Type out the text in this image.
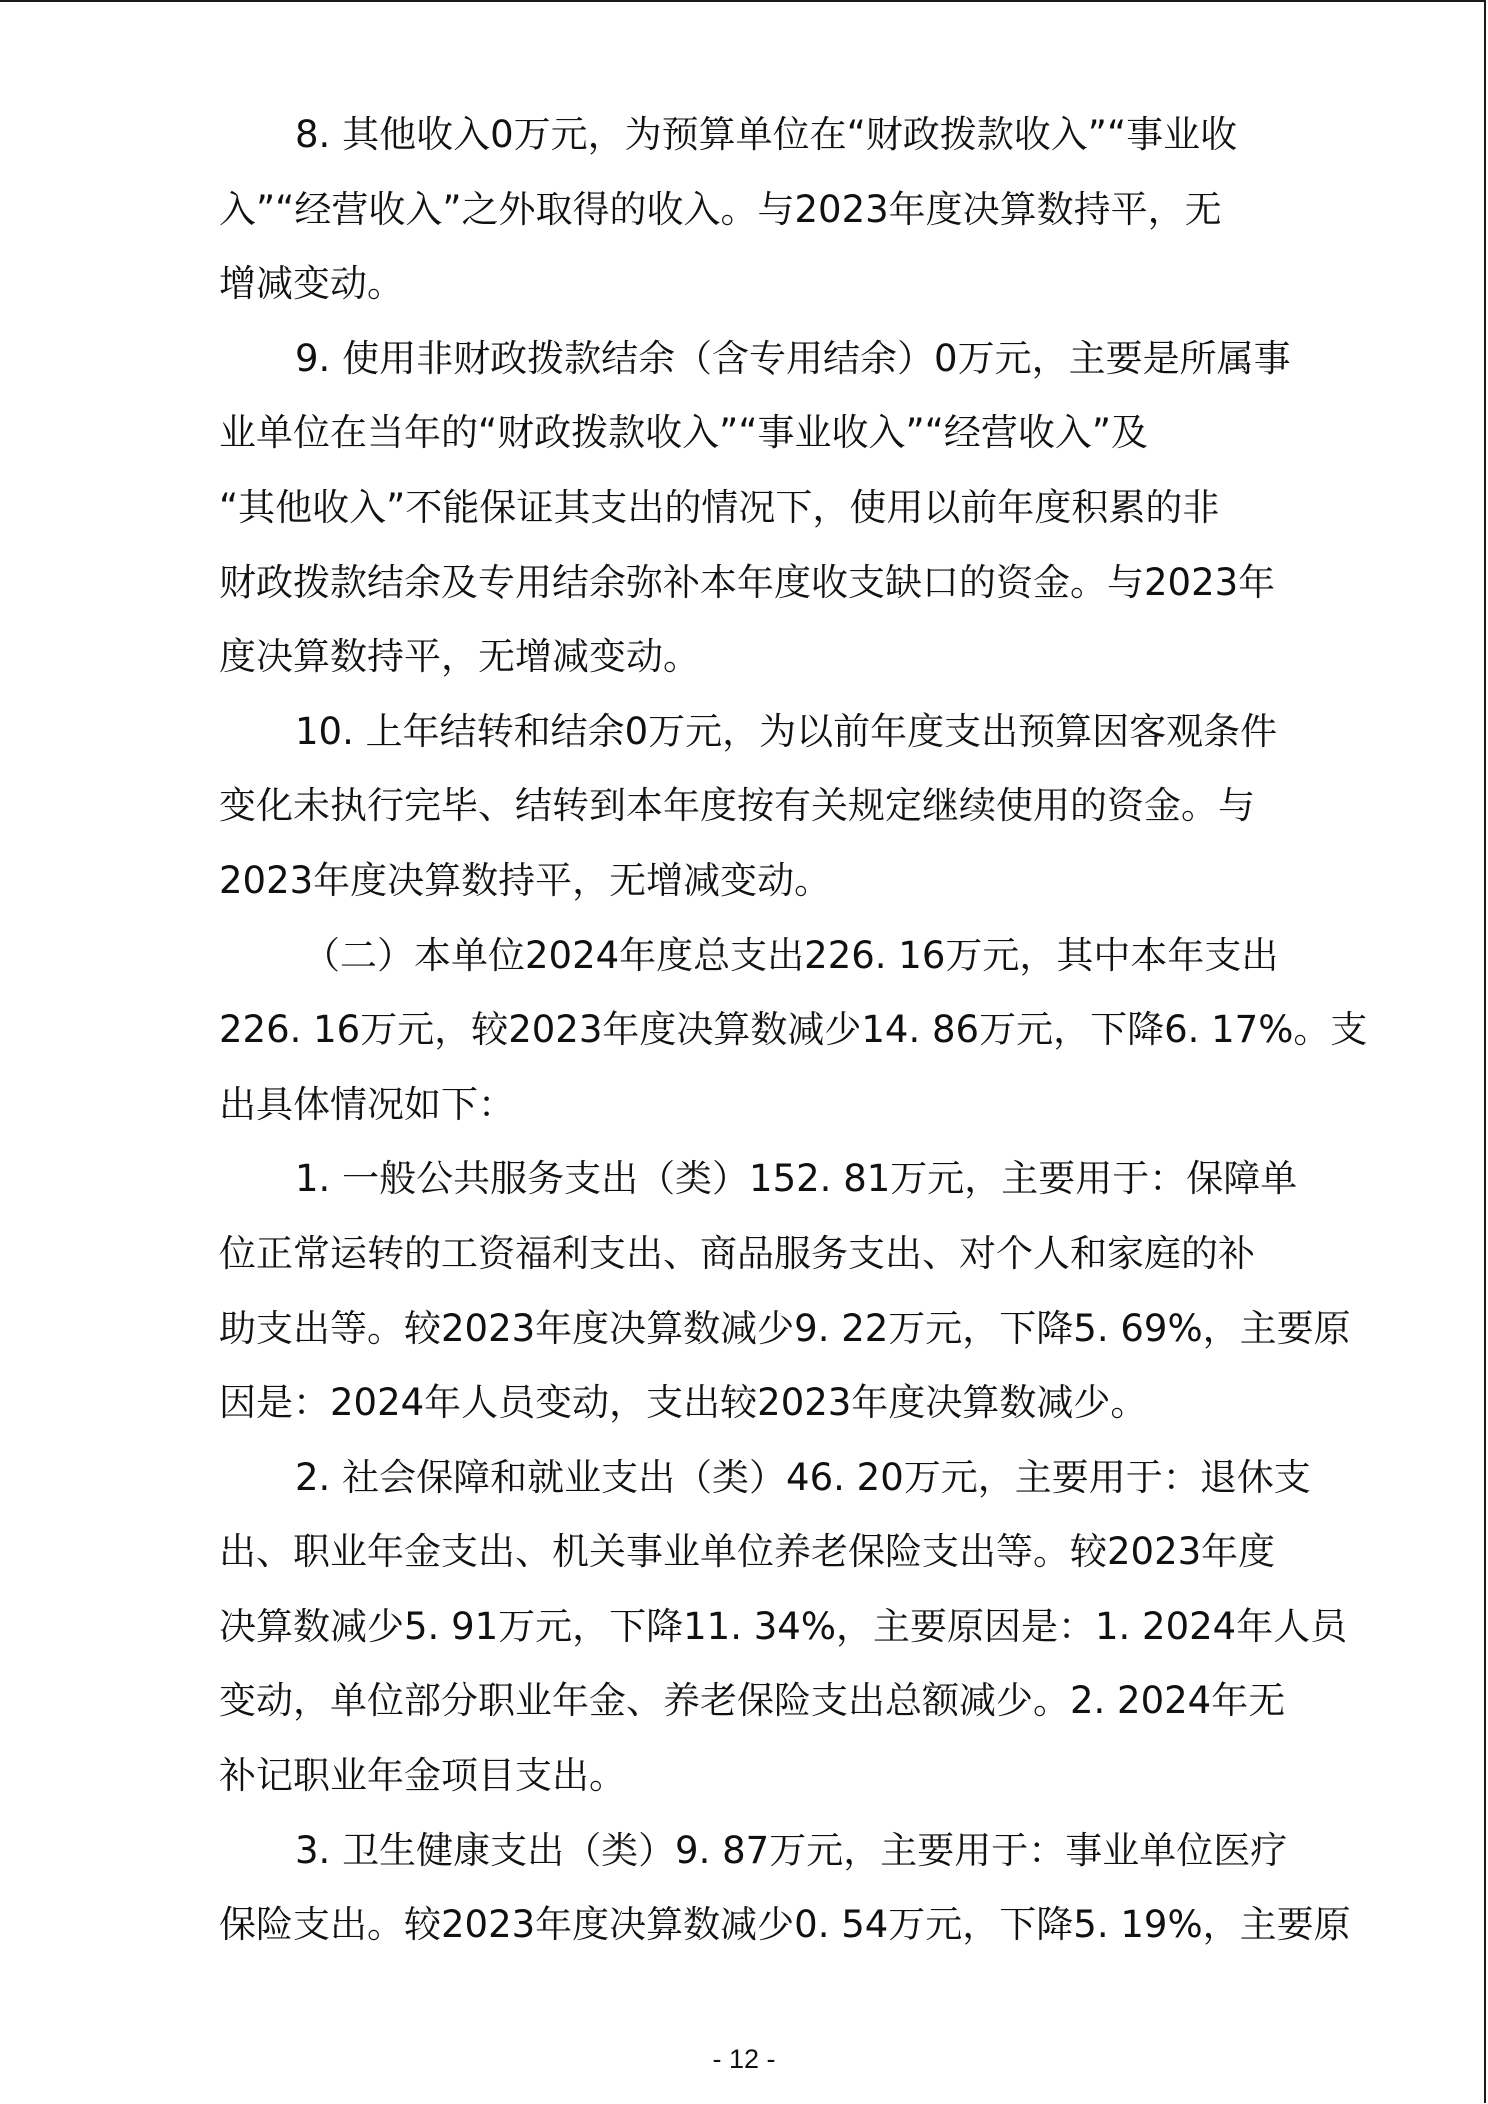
8. 其他收入0万元，为预算单位在“财政拨款收入”“事业收
入”“经营收入”之外取得的收入。与2023年度决算数持平，无
增减变动。

9. 使用非财政拨款结余（含专用结余）0万元，主要是所属事
业单位在当年的“财政拨款收入”“事业收入”“经营收入”及
“其他收入”不能保证其支出的情况下，使用以前年度积累的非
财政拨款结余及专用结余弥补本年度收支缺口的资金。与2023年
度决算数持平，无增减变动。

10. 上年结转和结余0万元，为以前年度支出预算因客观条件
变化未执行完毕、结转到本年度按有关规定继续使用的资金。与
2023年度决算数持平，无增减变动。

（二）本单位2024年度总支出226. 16万元，其中本年支出
226. 16万元，较2023年度决算数减少14. 86万元，下降6. 17%。支
出具体情况如下：

1. 一般公共服务支出（类）152. 81万元，主要用于：保障单
位正常运转的工资福利支出、商品服务支出、对个人和家庭的补
助支出等。较2023年度决算数减少9. 22万元，下降5. 69%，主要原
因是：2024年人员变动，支出较2023年度决算数减少。

2. 社会保障和就业支出（类）46. 20万元，主要用于：退休支
出、职业年金支出、机关事业单位养老保险支出等。较2023年度
决算数减少5. 91万元，下降11. 34%，主要原因是：1. 2024年人员
变动，单位部分职业年金、养老保险支出总额减少。2. 2024年无
补记职业年金项目支出。

3. 卫生健康支出（类）9. 87万元，主要用于：事业单位医疗
保险支出。较2023年度决算数减少0. 54万元，下降5. 19%，主要原

- 12 -
